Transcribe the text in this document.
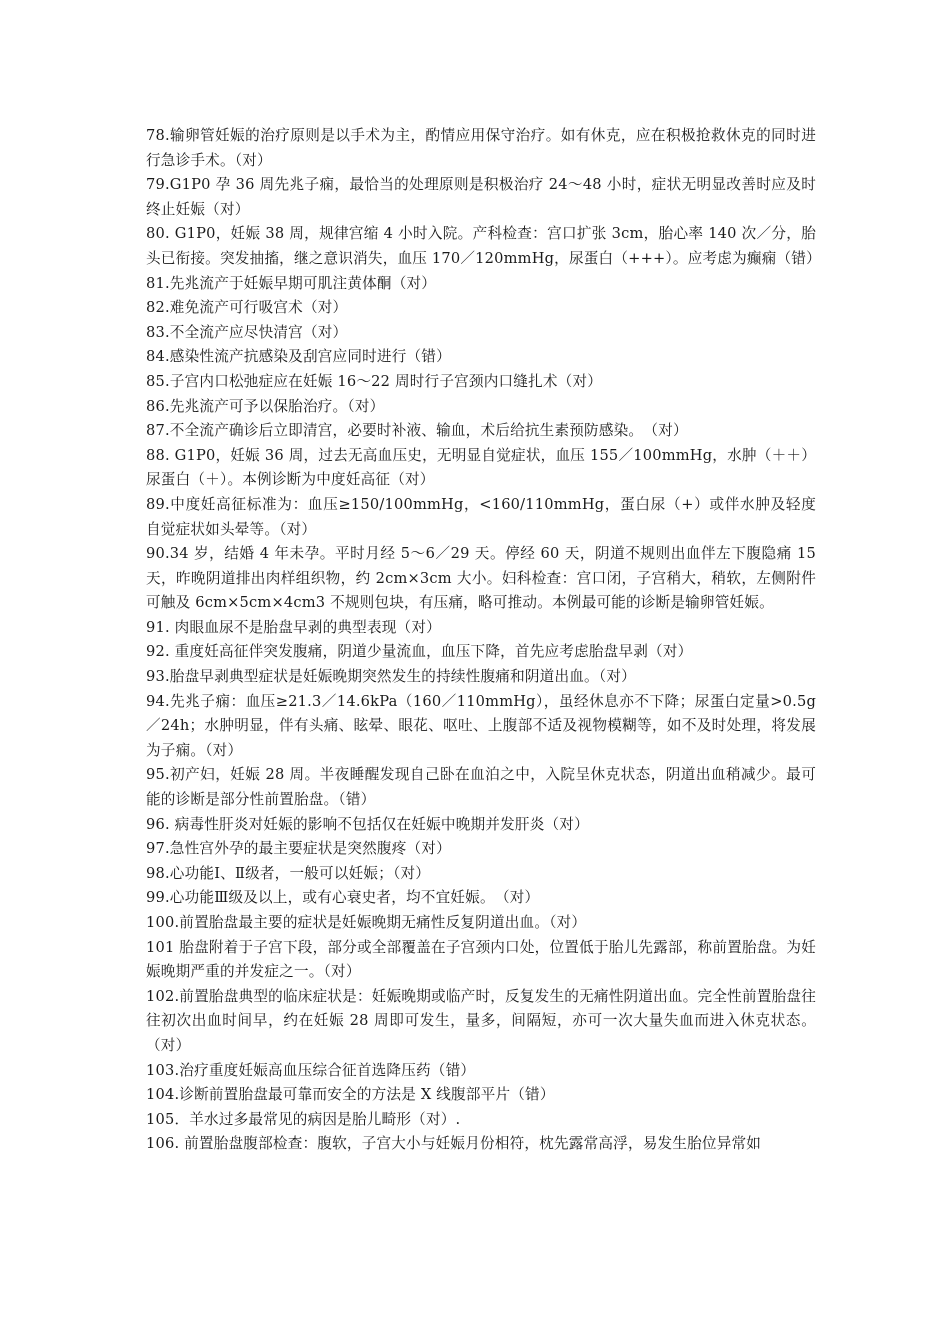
78.输卵管妊娠的治疗原则是以手术为主，酌情应用保守治疗。如有休克，应在积极抢救休克的同时进行急诊手术。（对）

79.G1P0 孕 36 周先兆子痫，最恰当的处理原则是积极治疗 24～48 小时，症状无明显改善时应及时终止妊娠（对）

80. G1P0，妊娠 38 周，规律宫缩 4 小时入院。产科检查：宫口扩张 3cm，胎心率 140 次／分，胎头已衔接。突发抽搐，继之意识消失，血压 170／120mmHg，尿蛋白（+++）。应考虑为癫痫（错）

81.先兆流产于妊娠早期可肌注黄体酮（对）

82.难免流产可行吸宫术（对）

83.不全流产应尽快清宫（对）

84.感染性流产抗感染及刮宫应同时进行（错）

85.子宫内口松弛症应在妊娠 16～22 周时行子宫颈内口缝扎术（对）

86.先兆流产可予以保胎治疗。（对）

87.不全流产确诊后立即清宫，必要时补液、输血，术后给抗生素预防感染。　（对）

88. G1P0，妊娠 36 周，过去无高血压史，无明显自觉症状，血压 155／100mmHg，水肿（＋＋）尿蛋白（＋）。本例诊断为中度妊高征（对）

89.中度妊高征标准为：血压≥150/100mmHg，<160/110mmHg，蛋白尿（+）或伴水肿及轻度自觉症状如头晕等。（对）

90.34 岁，结婚 4 年未孕。平时月经 5～6／29 天。停经 60 天，阴道不规则出血伴左下腹隐痛 15 天，昨晚阴道排出肉样组织物，约 2cm×3cm 大小。妇科检查：宫口闭，子宫稍大，稍软，左侧附件可触及 6cm×5cm×4cm3 不规则包块，有压痛，略可推动。本例最可能的诊断是输卵管妊娠。

91. 肉眼血尿不是胎盘早剥的典型表现（对）

92. 重度妊高征伴突发腹痛，阴道少量流血，血压下降，首先应考虑胎盘早剥（对）

93.胎盘早剥典型症状是妊娠晚期突然发生的持续性腹痛和阴道出血。（对）

94.先兆子痫：血压≥21.3／14.6kPa（160／110mmHg），虽经休息亦不下降；尿蛋白定量>0.5g／24h；水肿明显，伴有头痛、眩晕、眼花、呕吐、上腹部不适及视物模糊等，如不及时处理，将发展为子痫。（对）

95.初产妇，妊娠 28 周。半夜睡醒发现自己卧在血泊之中，入院呈休克状态，阴道出血稍减少。最可能的诊断是部分性前置胎盘。（错）

96. 病毒性肝炎对妊娠的影响不包括仅在妊娠中晚期并发肝炎（对）

97.急性宫外孕的最主要症状是突然腹疼（对）

98.心功能Ⅰ、Ⅱ级者，一般可以妊娠；（对）

99.心功能Ⅲ级及以上，或有心衰史者，均不宜妊娠。　（对）

100.前置胎盘最主要的症状是妊娠晚期无痛性反复阴道出血。（对）

101 胎盘附着于子宫下段，部分或全部覆盖在子宫颈内口处，位置低于胎儿先露部，称前置胎盘。为妊娠晚期严重的并发症之一。（对）

102.前置胎盘典型的临床症状是：妊娠晚期或临产时，反复发生的无痛性阴道出血。完全性前置胎盘往往初次出血时间早，约在妊娠 28 周即可发生，量多，间隔短，亦可一次大量失血而进入休克状态。（对）

103.治疗重度妊娠高血压综合征首选降压药（错）

104.诊断前置胎盘最可靠而安全的方法是 X 线腹部平片（错）

105．羊水过多最常见的病因是胎儿畸形（对）.

106. 前置胎盘腹部检查：腹软，子宫大小与妊娠月份相符，枕先露常高浮，易发生胎位异常如
